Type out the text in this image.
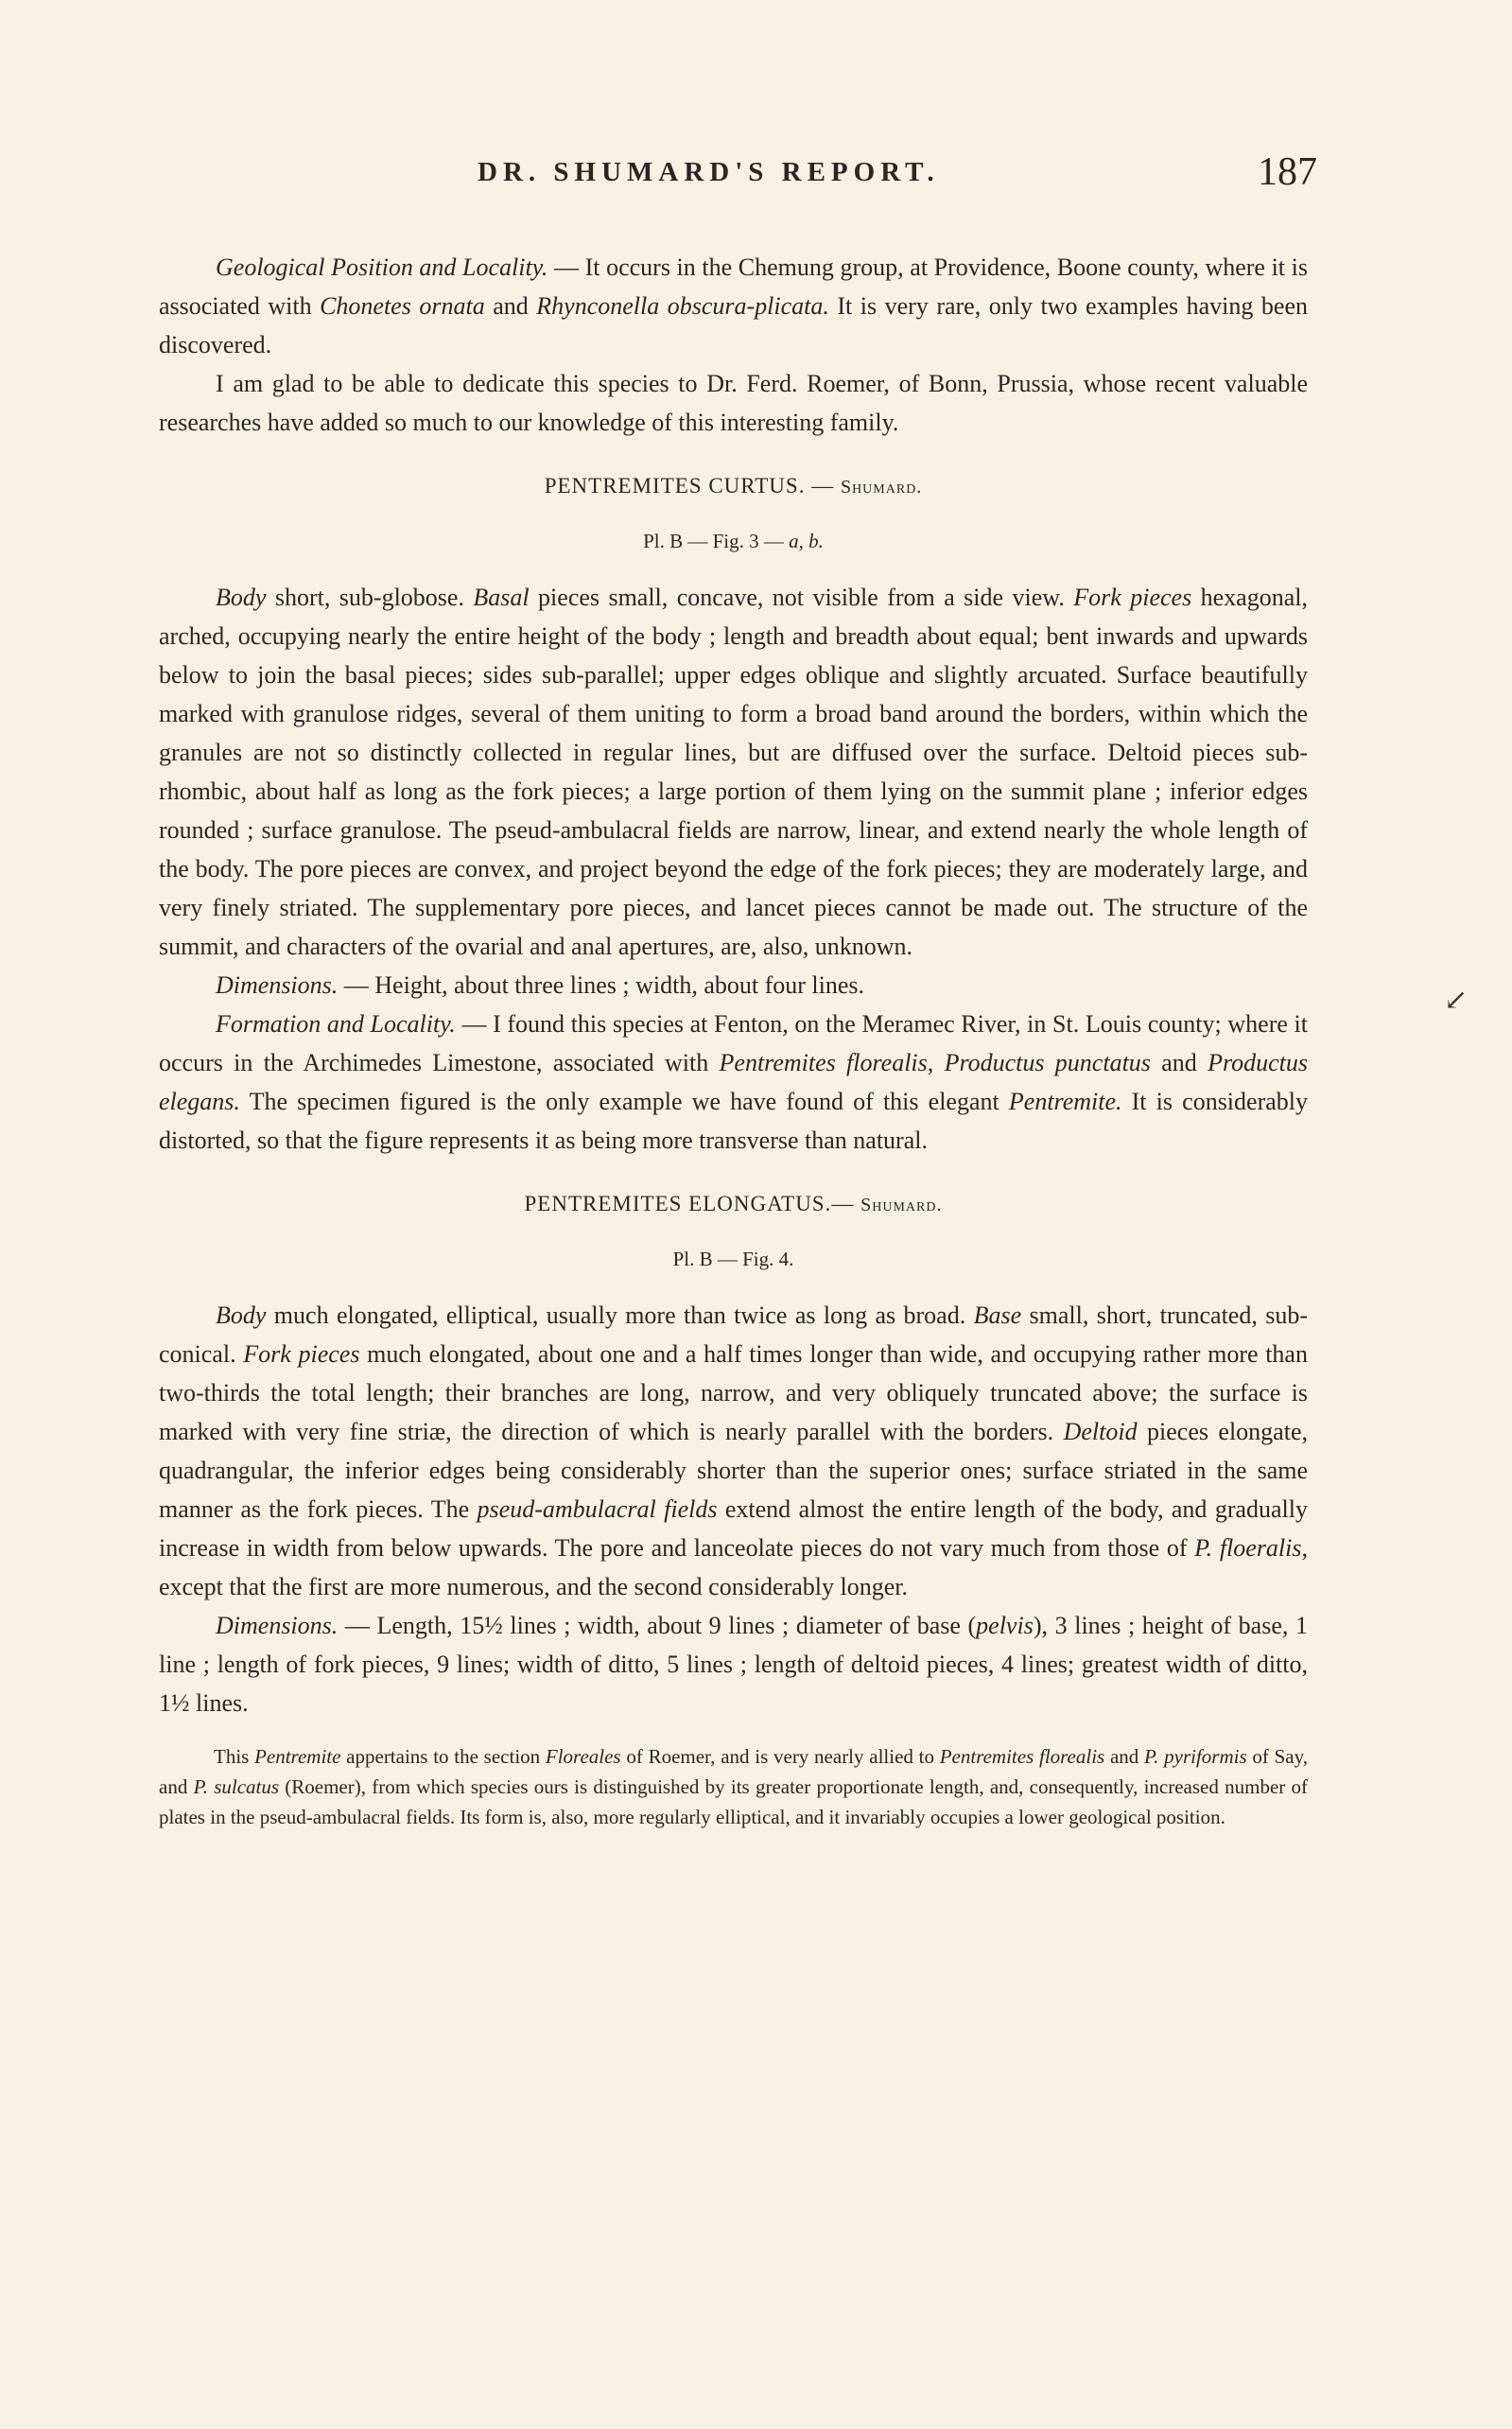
DR. SHUMARD'S REPORT.	187
↙

Geological Position and Locality. — It occurs in the Chemung group, at Providence, Boone county, where it is associated with Chonetes ornata and Rhynconella obscura-plicata. It is very rare, only two examples having been discovered.

I am glad to be able to dedicate this species to Dr. Ferd. Roemer, of Bonn, Prussia, whose recent valuable researches have added so much to our knowledge of this interesting family.

PENTREMITES CURTUS. — Shumard.

Pl. B — Fig. 3 — a, b.

Body short, sub-globose. Basal pieces small, concave, not visible from a side view. Fork pieces hexagonal, arched, occupying nearly the entire height of the body ; length and breadth about equal; bent inwards and upwards below to join the basal pieces; sides sub-parallel; upper edges oblique and slightly arcuated. Surface beautifully marked with granulose ridges, several of them uniting to form a broad band around the borders, within which the granules are not so distinctly collected in regular lines, but are diffused over the surface. Deltoid pieces sub-rhombic, about half as long as the fork pieces; a large portion of them lying on the summit plane ; inferior edges rounded ; surface granulose. The pseud-ambulacral fields are narrow, linear, and extend nearly the whole length of the body. The pore pieces are convex, and project beyond the edge of the fork pieces; they are moderately large, and very finely striated. The supplementary pore pieces, and lancet pieces cannot be made out. The structure of the summit, and characters of the ovarial and anal apertures, are, also, unknown.

Dimensions. — Height, about three lines ; width, about four lines.

Formation and Locality. — I found this species at Fenton, on the Meramec River, in St. Louis county; where it occurs in the Archimedes Limestone, associated with Pentremites florealis, Productus punctatus and Productus elegans. The specimen figured is the only example we have found of this elegant Pentremite. It is considerably distorted, so that the figure represents it as being more transverse than natural.

PENTREMITES ELONGATUS.— Shumard.

Pl. B — Fig. 4.

Body much elongated, elliptical, usually more than twice as long as broad. Base small, short, truncated, sub-conical. Fork pieces much elongated, about one and a half times longer than wide, and occupying rather more than two-thirds the total length; their branches are long, narrow, and very obliquely truncated above; the surface is marked with very fine striæ, the direction of which is nearly parallel with the borders. Deltoid pieces elongate, quadrangular, the inferior edges being considerably shorter than the superior ones; surface striated in the same manner as the fork pieces. The pseud-ambulacral fields extend almost the entire length of the body, and gradually increase in width from below upwards. The pore and lanceolate pieces do not vary much from those of P. floeralis, except that the first are more numerous, and the second considerably longer.

Dimensions. — Length, 15½ lines ; width, about 9 lines ; diameter of base (pelvis), 3 lines ; height of base, 1 line ; length of fork pieces, 9 lines; width of ditto, 5 lines ; length of deltoid pieces, 4 lines; greatest width of ditto, 1½ lines.

This Pentremite appertains to the section Floreales of Roemer, and is very nearly allied to Pentremites florealis and P. pyriformis of Say, and P. sulcatus (Roemer), from which species ours is distinguished by its greater proportionate length, and, consequently, increased number of plates in the pseud-ambulacral fields. Its form is, also, more regularly elliptical, and it invariably occupies a lower geological position.
